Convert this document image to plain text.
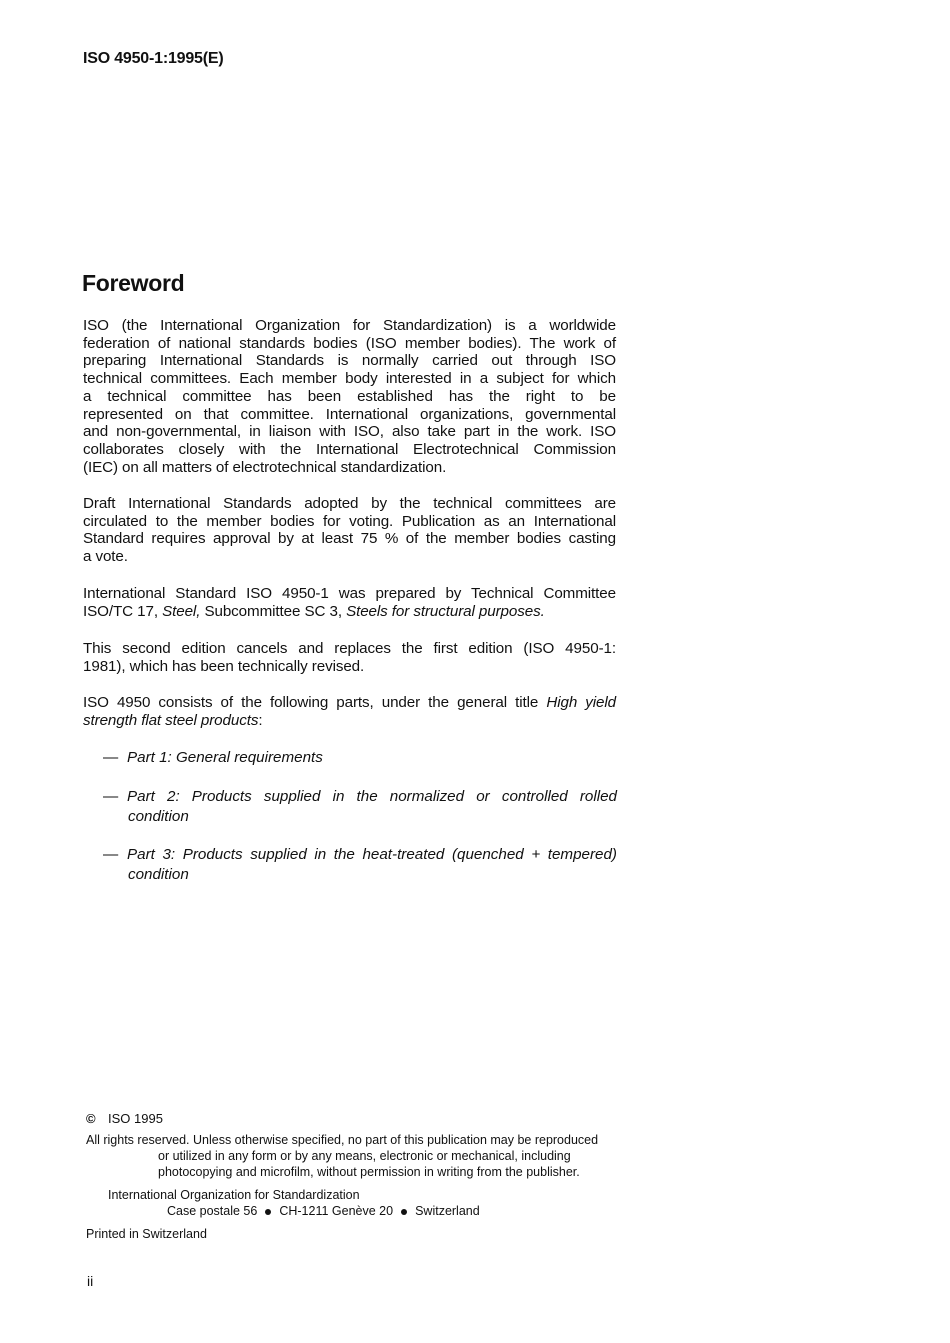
ISO 4950-1:1995(E)
Foreword
ISO (the International Organization for Standardization) is a worldwide
federation of national standards bodies (ISO member bodies). The work of
preparing International Standards is normally carried out through ISO
technical committees. Each member body interested in a subject for which
a technical committee has been established has the right to be
represented on that committee. International organizations, governmental
and non-governmental, in liaison with ISO, also take part in the work. ISO
collaborates closely with the International Electrotechnical Commission
(IEC) on all matters of electrotechnical standardization.
Draft International Standards adopted by the technical committees are
circulated to the member bodies for voting. Publication as an International
Standard requires approval by at least 75 % of the member bodies casting
a vote.
International Standard ISO 4950-1 was prepared by Technical Committee
ISO/TC 17, Steel, Subcommittee SC 3, Steels for structural purposes.
This second edition cancels and replaces the first edition (ISO 4950-1:
1981), which has been technically revised.
ISO 4950 consists of the following parts, under the general title High yield
strength flat steel products:
— Part 1: General requirements
— Part 2: Products supplied in the normalized or controlled rolled
condition
— Part 3: Products supplied in the heat-treated (quenched + tempered)
condition
© ISO 1995
All rights reserved. Unless otherwise specified, no part of this publication may be reproduced
or utilized in any form or by any means, electronic or mechanical, including
photocopying and microfilm, without permission in writing from the publisher.
International Organization for Standardization
Case postale 56 CH-1211 Genève 20 Switzerland
Printed in Switzerland
ii
